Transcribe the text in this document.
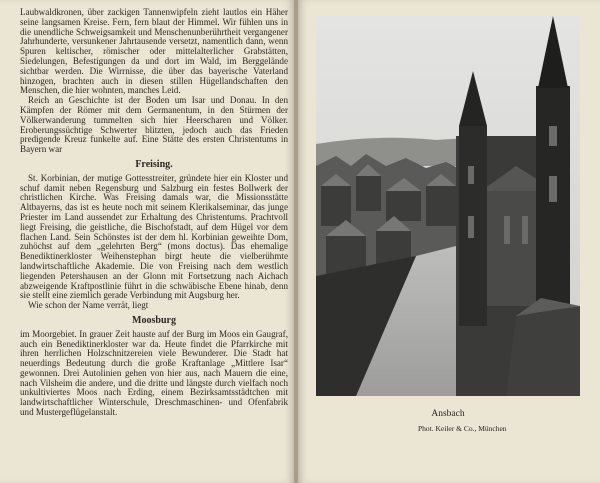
Laubwaldkronen, über zackigen Tannenwipfeln zieht lautlos ein Häher seine langsamen Kreise. Fern, fern blaut der Himmel. Wir fühlen uns in die unendliche Schweigsamkeit und Menschenunberührtheit vergangener Jahrhunderte, versunkener Jahrtausende versetzt, namentlich dann, wenn Spuren keltischer, römischer oder mittelalterlicher Grabstätten, Siedelungen, Befestigungen da und dort im Wald, im Berggelände sichtbar werden. Die Wirrnisse, die über das bayerische Vaterland hinzogen, brachten auch in diesen stillen Hügellandschaften den Menschen, die hier wohnten, manches Leid.

Reich an Geschichte ist der Boden um Isar und Donau. In den Kämpfen der Römer mit dem Germanentum, in den Stürmen der Völkerwanderung tummelten sich hier Heerscharen und Völker. Eroberungssüchtige Schwerter blitzten, jedoch auch das Frieden predigende Kreuz funkelte auf. Eine Stätte des ersten Christentums in Bayern war

Freising.

St. Korbinian, der mutige Gottesstreiter, gründete hier ein Kloster und schuf damit neben Regensburg und Salzburg ein festes Bollwerk der christlichen Kirche. Was Freising damals war, die Missionsstätte Altbayerns, das ist es heute noch mit seinem Klerikalseminar, das junge Priester im Land aussendet zur Erhaltung des Christentums. Prachtvoll liegt Freising, die geistliche, die Bischofstadt, auf dem Hügel vor dem flachen Land. Sein Schönstes ist der dem hl. Korbinian geweihte Dom, zuhöchst auf dem „gelehrten Berg“ (mons doctus). Das ehemalige Benediktinerkloster Weihenstephan birgt heute die vielberühmte landwirtschaftliche Akademie. Die von Freising nach dem westlich liegenden Petershausen an der Glonn mit Fortsetzung nach Aichach abzweigende Kraftpostlinie führt in die schwäbische Ebene hinab, denn sie stellt eine ziemlich gerade Verbindung mit Augsburg her.

Wie schon der Name verrät, liegt

Moosburg

im Moorgebiet. In grauer Zeit hauste auf der Burg im Moos ein Gaugraf, auch ein Benediktinerkloster war da. Heute findet die Pfarrkirche mit ihren herrlichen Holzschnitzereien viele Bewunderer. Die Stadt hat neuerdings Bedeutung durch die große Kraftanlage „Mittlere Isar“ gewonnen. Drei Autolinien gehen von hier aus, nach Mauern die eine, nach Vilsheim die andere, und die dritte und längste durch vielfach noch unkultiviertes Moos nach Erding, einem Bezirksamtsstädtchen mit landwirtschaftlicher Winterschule, Dreschmaschinen- und Ofenfabrik und Mustergeflügelanstalt.	Ansbach
Phot. Keiler & Co., München
